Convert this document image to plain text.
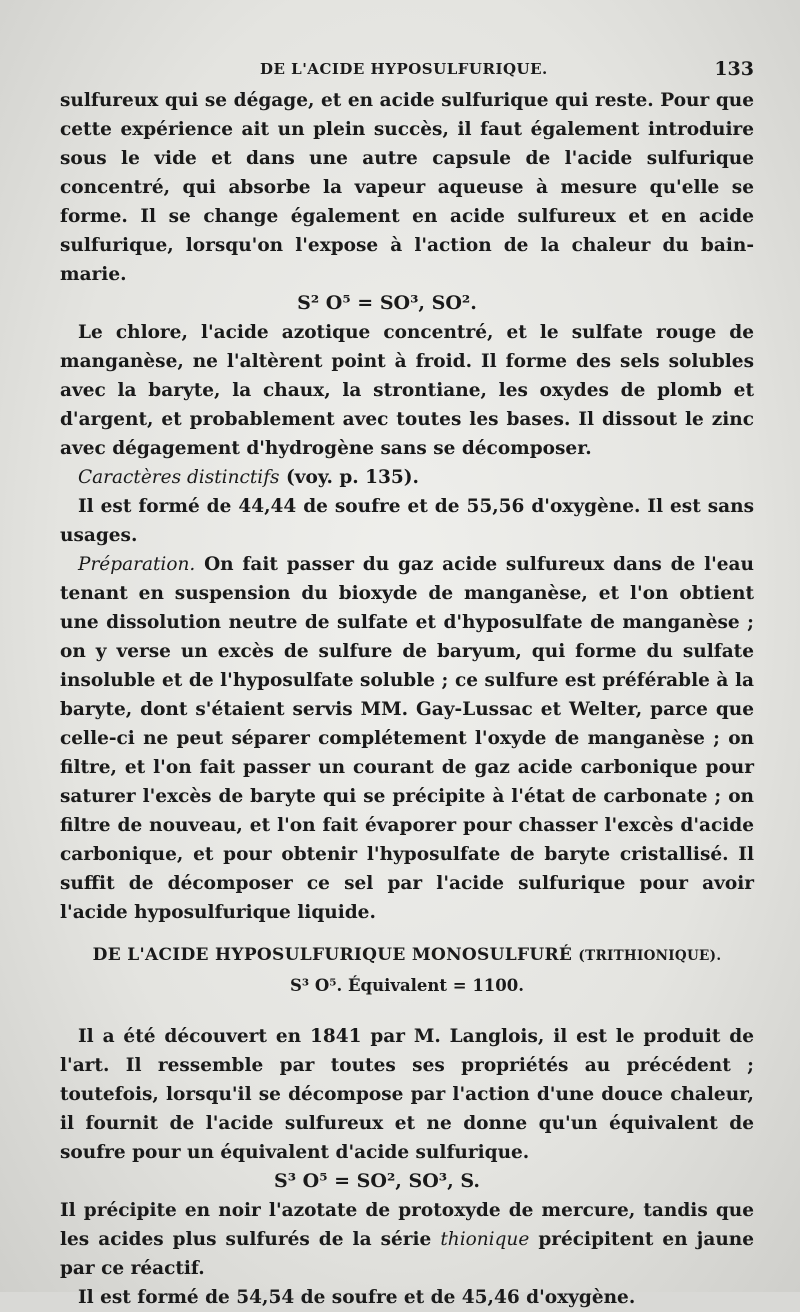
DE L'ACIDE HYPOSULFURIQUE.	133

sulfureux qui se dégage, et en acide sulfurique qui reste. Pour que cette expérience ait un plein succès, il faut également introduire sous le vide et dans une autre capsule de l'acide sulfurique concentré, qui absorbe la vapeur aqueuse à mesure qu'elle se forme. Il se change également en acide sulfureux et en acide sulfurique, lorsqu'on l'expose à l'action de la chaleur du bain-marie.

S² O⁵ = SO³, SO².

Le chlore, l'acide azotique concentré, et le sulfate rouge de manganèse, ne l'altèrent point à froid. Il forme des sels solubles avec la baryte, la chaux, la strontiane, les oxydes de plomb et d'argent, et probablement avec toutes les bases. Il dissout le zinc avec dégagement d'hydrogène sans se décomposer.

Caractères distinctifs (voy. p. 135).

Il est formé de 44,44 de soufre et de 55,56 d'oxygène. Il est sans usages.

Préparation. On fait passer du gaz acide sulfureux dans de l'eau tenant en suspension du bioxyde de manganèse, et l'on obtient une dissolution neutre de sulfate et d'hyposulfate de manganèse ; on y verse un excès de sulfure de baryum, qui forme du sulfate insoluble et de l'hyposulfate soluble ; ce sulfure est préférable à la baryte, dont s'étaient servis MM. Gay-Lussac et Welter, parce que celle-ci ne peut séparer complétement l'oxyde de manganèse ; on filtre, et l'on fait passer un courant de gaz acide carbonique pour saturer l'excès de baryte qui se précipite à l'état de carbonate ; on filtre de nouveau, et l'on fait évaporer pour chasser l'excès d'acide carbonique, et pour obtenir l'hyposulfate de baryte cristallisé. Il suffit de décomposer ce sel par l'acide sulfurique pour avoir l'acide hyposulfurique liquide.

DE L'ACIDE HYPOSULFURIQUE MONOSULFURÉ (TRITHIONIQUE).
S³ O⁵. Équivalent = 1100.

Il a été découvert en 1841 par M. Langlois, il est le produit de l'art. Il ressemble par toutes ses propriétés au précédent ; toutefois, lorsqu'il se décompose par l'action d'une douce chaleur, il fournit de l'acide sulfureux et ne donne qu'un équivalent de soufre pour un équivalent d'acide sulfurique.

S³ O⁵ = SO², SO³, S.

Il précipite en noir l'azotate de protoxyde de mercure, tandis que les acides plus sulfurés de la série thionique précipitent en jaune par ce réactif.

Il est formé de 54,54 de soufre et de 45,46 d'oxygène.
